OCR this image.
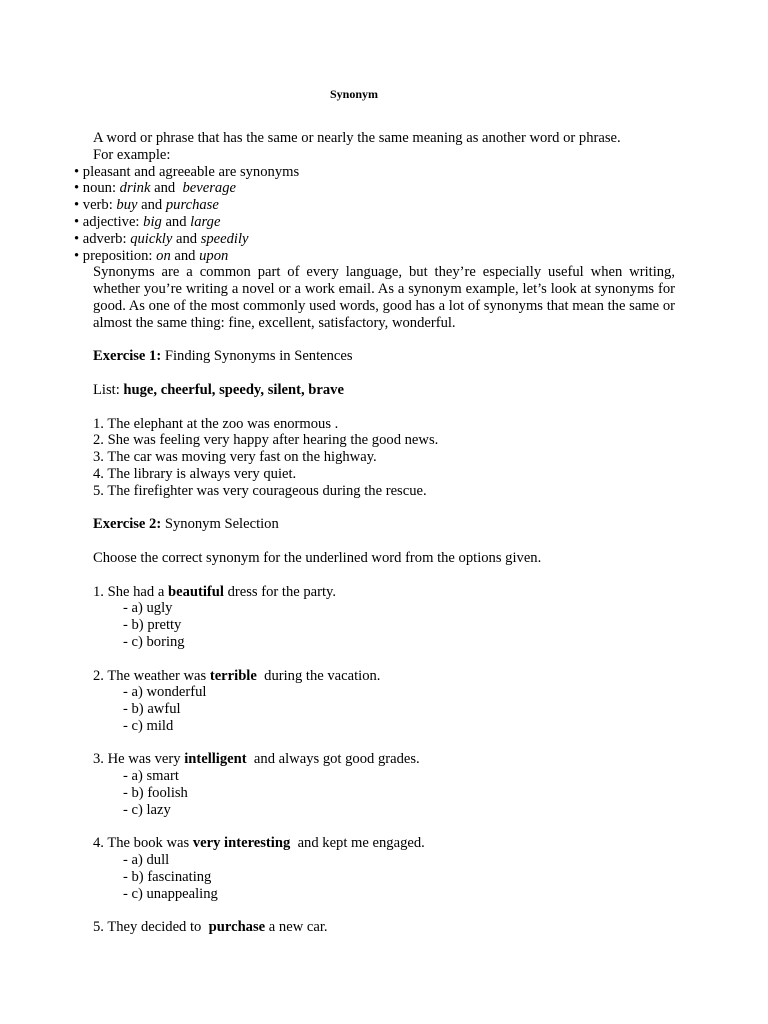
Synonym
A word or phrase that has the same or nearly the same meaning as another word or phrase.
For example:
• pleasant and agreeable are synonyms
• noun: drink and  beverage
• verb: buy and purchase
• adjective: big and large
• adverb: quickly and speedily
• preposition: on and upon
Synonyms are a common part of every language, but they’re especially useful when writing, whether you’re writing a novel or a work email. As a synonym example, let’s look at synonyms for good. As one of the most commonly used words, good has a lot of synonyms that mean the same or almost the same thing: fine, excellent, satisfactory, wonderful.
Exercise 1: Finding Synonyms in Sentences
List: huge, cheerful, speedy, silent, brave
1. The elephant at the zoo was enormous .
2. She was feeling very happy after hearing the good news.
3. The car was moving very fast on the highway.
4. The library is always very quiet.
5. The firefighter was very courageous during the rescue.
Exercise 2: Synonym Selection
Choose the correct synonym for the underlined word from the options given.
1. She had a beautiful dress for the party.
- a) ugly
- b) pretty
- c) boring
2. The weather was terrible  during the vacation.
- a) wonderful
- b) awful
- c) mild
3. He was very intelligent  and always got good grades.
- a) smart
- b) foolish
- c) lazy
4. The book was very interesting  and kept me engaged.
- a) dull
- b) fascinating
- c) unappealing
5. They decided to  purchase a new car.
